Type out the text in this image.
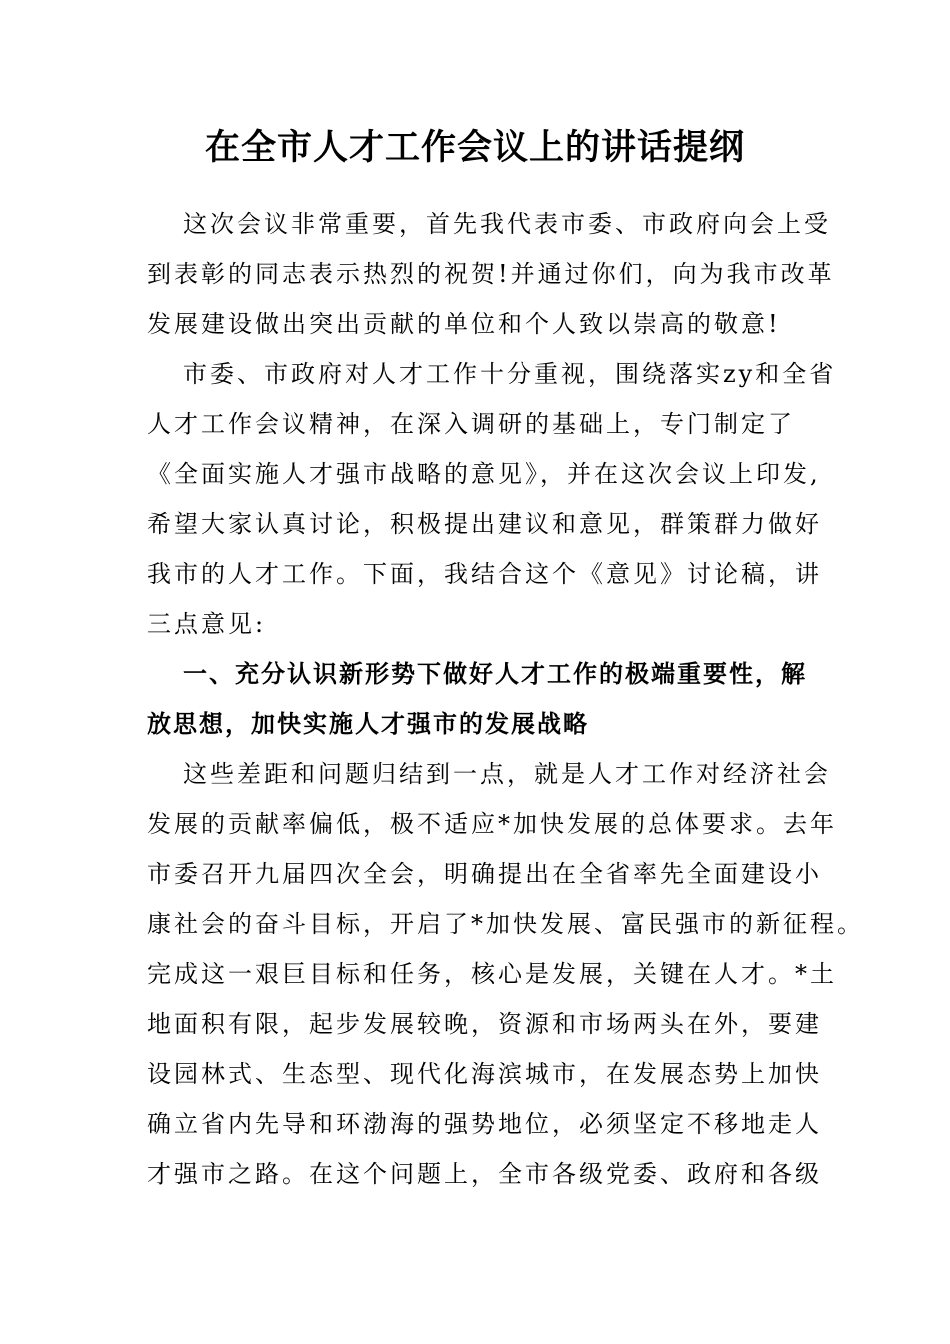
在全市人才工作会议上的讲话提纲
这次会议非常重要，首先我代表市委、市政府向会上受
到表彰的同志表示热烈的祝贺!并通过你们，向为我市改革
发展建设做出突出贡献的单位和个人致以崇高的敬意!
市委、市政府对人才工作十分重视，围绕落实zy和全省
人才工作会议精神，在深入调研的基础上，专门制定了
《全面实施人才强市战略的意见》，并在这次会议上印发,
希望大家认真讨论，积极提出建议和意见，群策群力做好
我市的人才工作。下面，我结合这个《意见》讨论稿，讲
三点意见:
一、充分认识新形势下做好人才工作的极端重要性，解
放思想，加快实施人才强市的发展战略
这些差距和问题归结到一点，就是人才工作对经济社会
发展的贡献率偏低，极不适应*加快发展的总体要求。去年
市委召开九届四次全会，明确提出在全省率先全面建设小
康社会的奋斗目标，开启了*加快发展、富民强市的新征程。
完成这一艰巨目标和任务，核心是发展，关键在人才。*土
地面积有限，起步发展较晚，资源和市场两头在外，要建
设园林式、生态型、现代化海滨城市，在发展态势上加快
确立省内先导和环渤海的强势地位，必须坚定不移地走人
才强市之路。在这个问题上，全市各级党委、政府和各级
